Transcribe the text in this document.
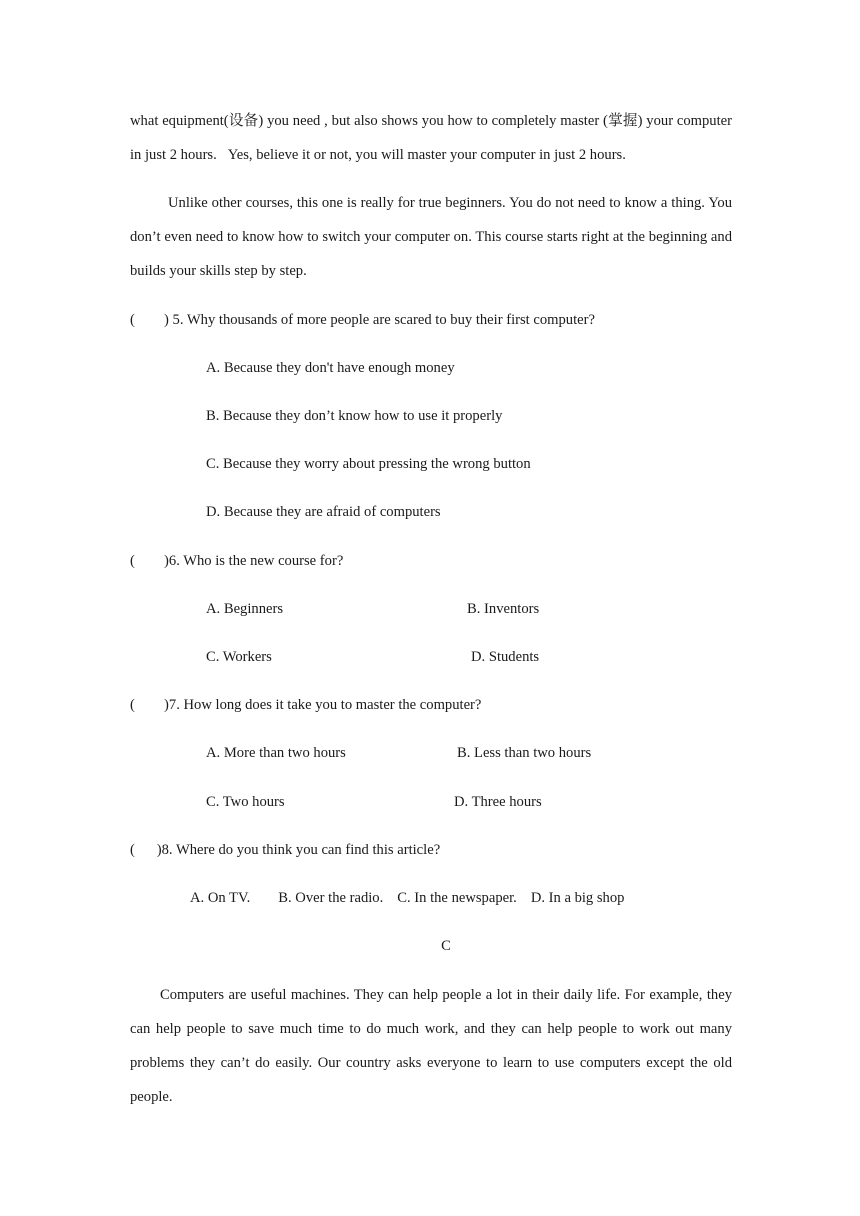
what equipment(设备) you need , but also shows you how to completely master (掌握) your computer in just 2 hours.   Yes, believe it or not, you will master your computer in just 2 hours.

Unlike other courses, this one is really for true beginners. You do not need to know a thing. You don’t even need to know how to switch your computer on. This course starts right at the beginning and builds your skills step by step.

(        ) 5. Why thousands of more people are scared to buy their first computer?

A. Because they don't have enough money

B. Because they don’t know how to use it properly

C. Because they worry about pressing the wrong button

D. Because they are afraid of computers

(        )6. Who is the new course for?

A. Beginners	B. Inventors

C. Workers	D. Students

(        )7. How long does it take you to master the computer?

A. More than two hours	B. Less than two hours

C. Two hours	D. Three hours

(      )8. Where do you think you can find this article?

A. On TV. B. Over the radio. C. In the newspaper. D. In a big shop

C

Computers are useful machines. They can help people a lot in their daily life. For example, they can help people to save much time to do much work, and they can help people to work out many problems they can’t do easily. Our country asks everyone to learn to use computers except the old people.
